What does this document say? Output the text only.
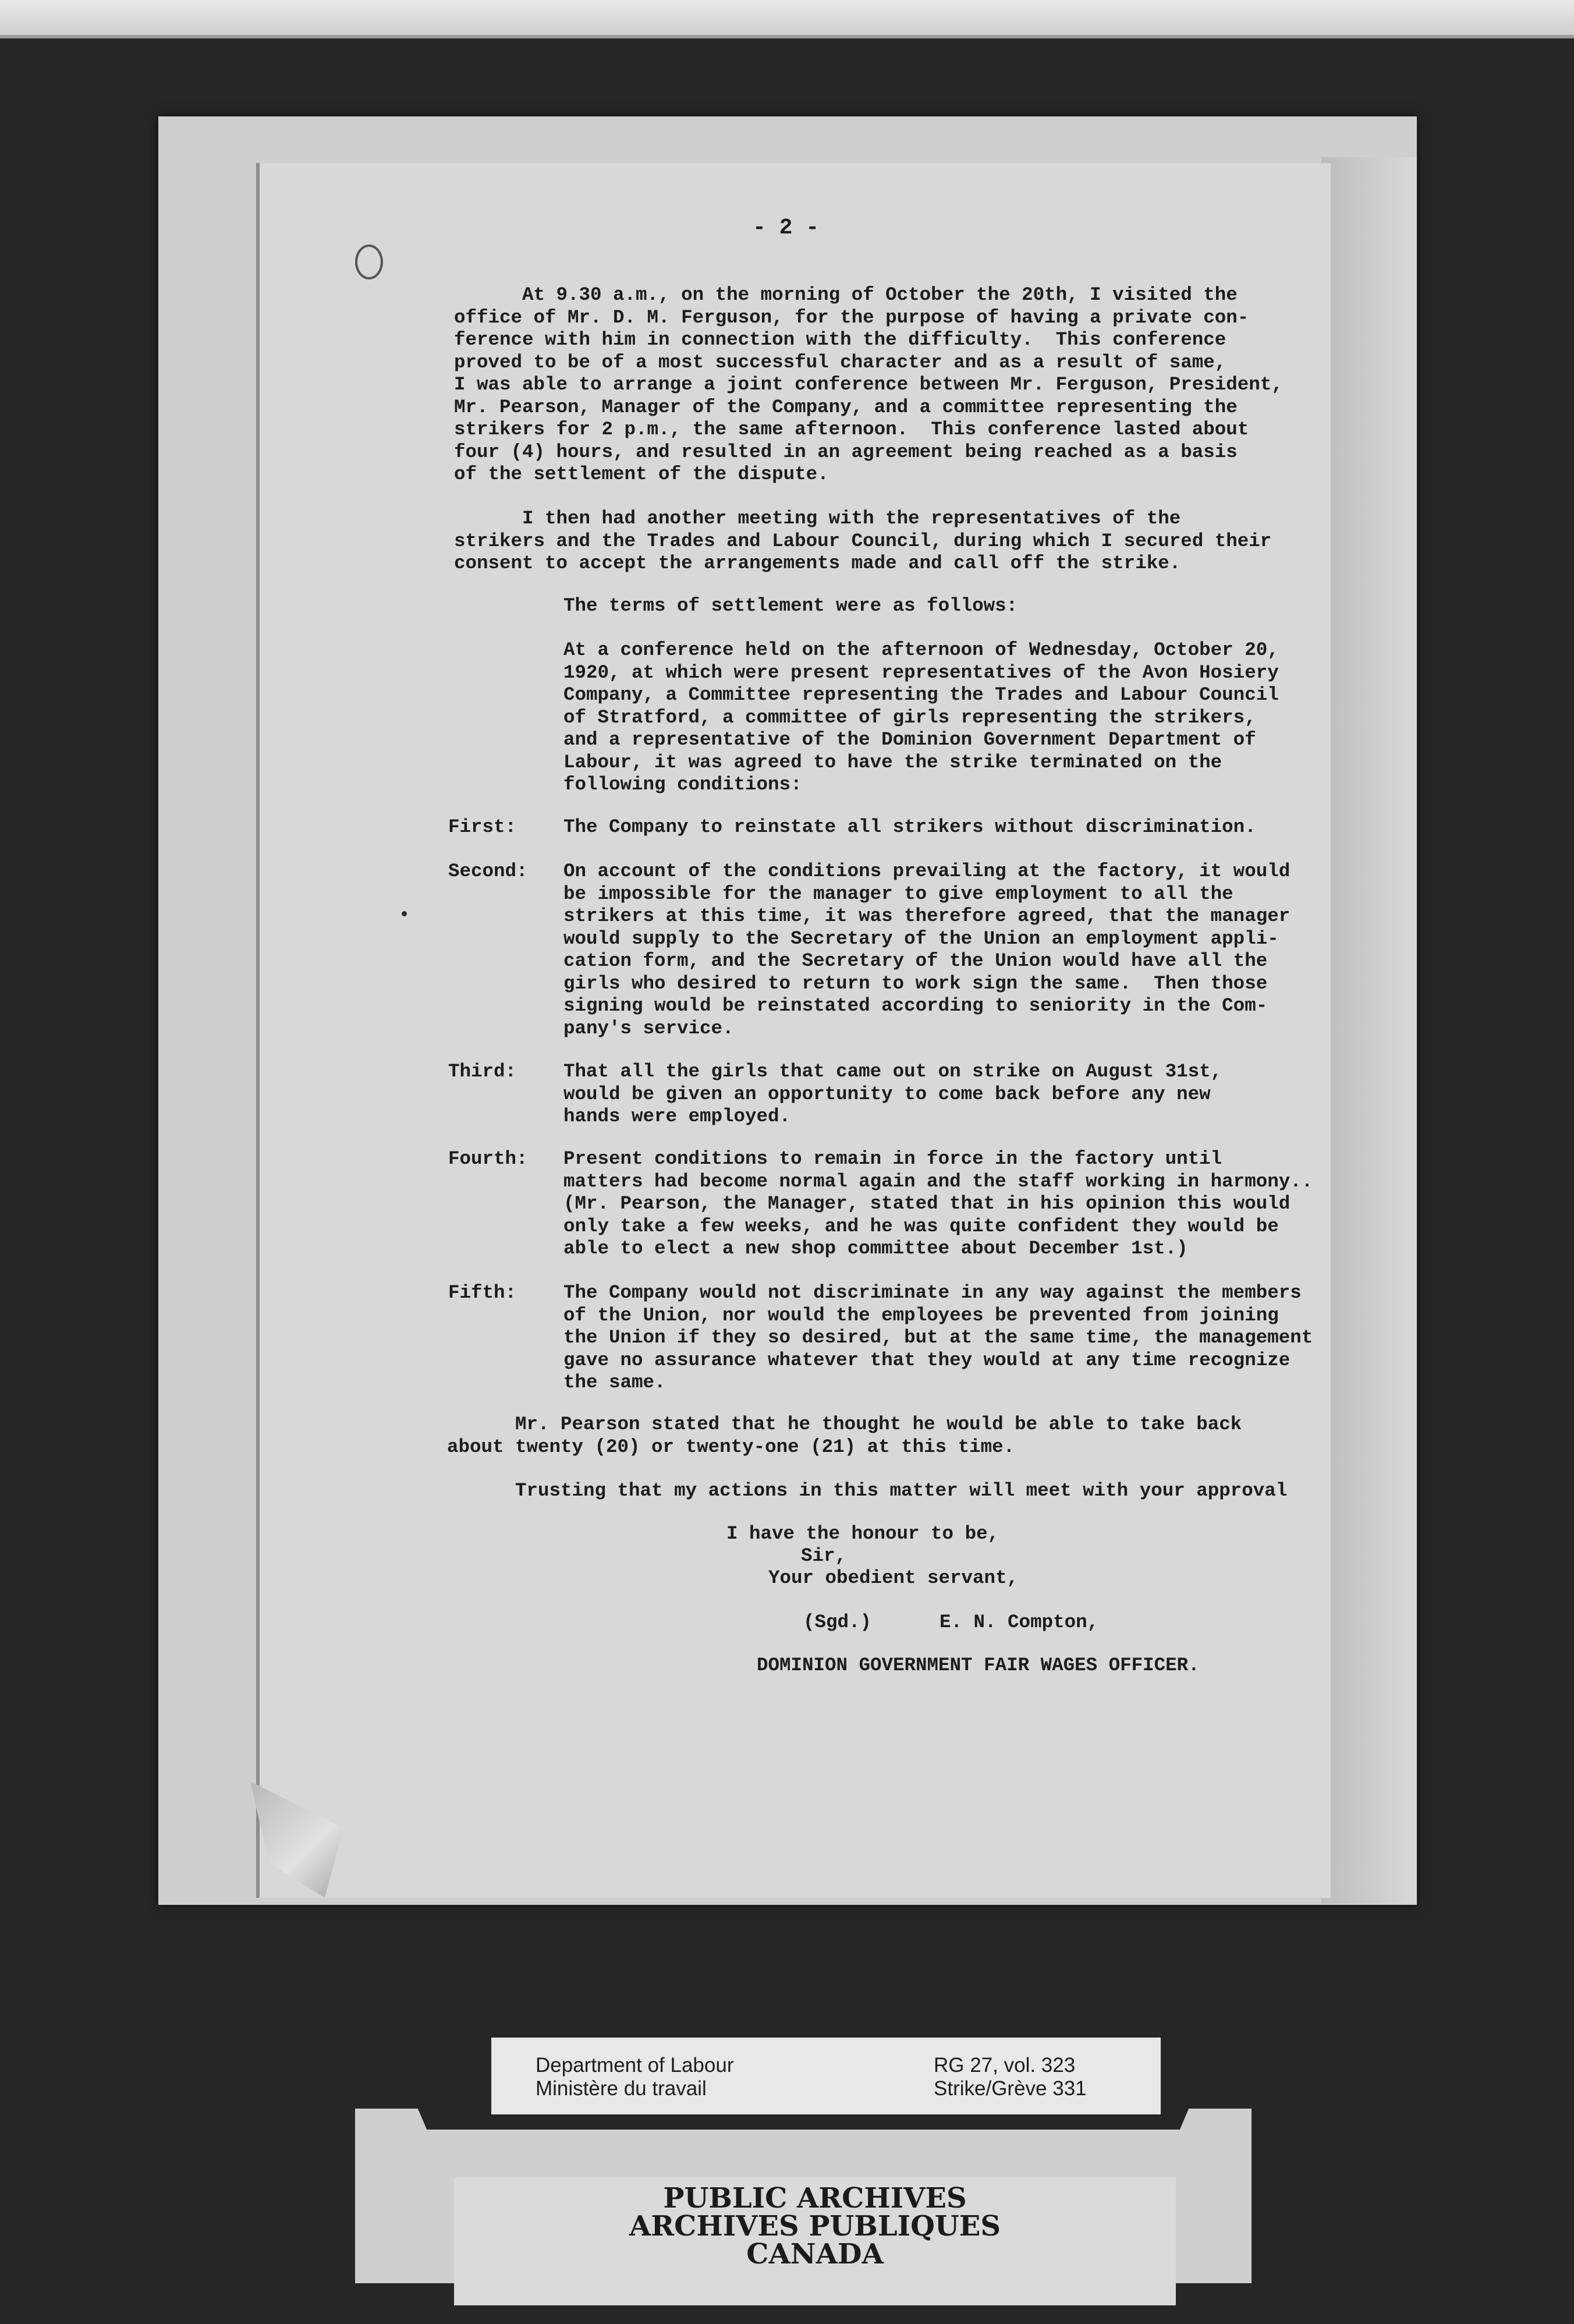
- 2 -
At 9.30 a.m., on the morning of October the 20th, I visited the
office of Mr. D. M. Ferguson, for the purpose of having a private con-
ference with him in connection with the difficulty.  This conference
proved to be of a most successful character and as a result of same,
I was able to arrange a joint conference between Mr. Ferguson, President,
Mr. Pearson, Manager of the Company, and a committee representing the
strikers for 2 p.m., the same afternoon.  This conference lasted about
four (4) hours, and resulted in an agreement being reached as a basis
of the settlement of the dispute.
I then had another meeting with the representatives of the
strikers and the Trades and Labour Council, during which I secured their
consent to accept the arrangements made and call off the strike.
The terms of settlement were as follows:
At a conference held on the afternoon of Wednesday, October 20,
1920, at which were present representatives of the Avon Hosiery
Company, a Committee representing the Trades and Labour Council
of Stratford, a committee of girls representing the strikers,
and a representative of the Dominion Government Department of
Labour, it was agreed to have the strike terminated on the
following conditions:
First: The Company to reinstate all strikers without discrimination.
Second: On account of the conditions prevailing at the factory, it would
be impossible for the manager to give employment to all the
strikers at this time, it was therefore agreed, that the manager
would supply to the Secretary of the Union an employment appli-
cation form, and the Secretary of the Union would have all the
girls who desired to return to work sign the same.  Then those
signing would be reinstated according to seniority in the Com-
pany's service.
Third: That all the girls that came out on strike on August 31st,
would be given an opportunity to come back before any new
hands were employed.
Fourth: Present conditions to remain in force in the factory until
matters had become normal again and the staff working in harmony..
(Mr. Pearson, the Manager, stated that in his opinion this would
only take a few weeks, and he was quite confident they would be
able to elect a new shop committee about December 1st.)
Fifth: The Company would not discriminate in any way against the members
of the Union, nor would the employees be prevented from joining
the Union if they so desired, but at the same time, the management
gave no assurance whatever that they would at any time recognize
the same.
Mr. Pearson stated that he thought he would be able to take back
about twenty (20) or twenty-one (21) at this time.
Trusting that my actions in this matter will meet with your approval
I have the honour to be,
Sir,
Your obedient servant,
(Sgd.)      E. N. Compton,
DOMINION GOVERNMENT FAIR WAGES OFFICER.
Department of Labour
Ministère du travail
RG 27, vol. 323
Strike/Grève 331
PUBLIC ARCHIVES
ARCHIVES PUBLIQUES
CANADA
